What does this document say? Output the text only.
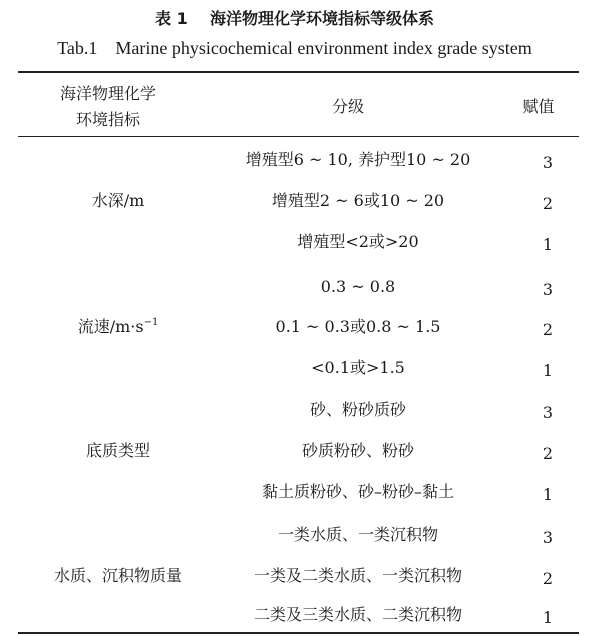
表 1    海洋物理化学环境指标等级体系
Tab.1    Marine physicochemical environment index grade system
海洋物理化学
环境指标
分级	赋值
水深/m
增殖型6 ~ 10, 养护型10 ~ 20	3
增殖型2 ~ 6或10 ~ 20	2
增殖型<2或>20	1
流速$/m\cdot s^{-1}$
0.3 ~ 0.8	3
0.1 ~ 0.3或0.8 ~ 1.5	2
<0.1或>1.5	1
底质类型
砂、粉砂质砂	3
砂质粉砂、粉砂	2
黏土质粉砂、砂–粉砂–黏土	1
水质、沉积物质量
一类水质、一类沉积物	3
一类及二类水质、一类沉积物	2
二类及三类水质、二类沉积物	1
